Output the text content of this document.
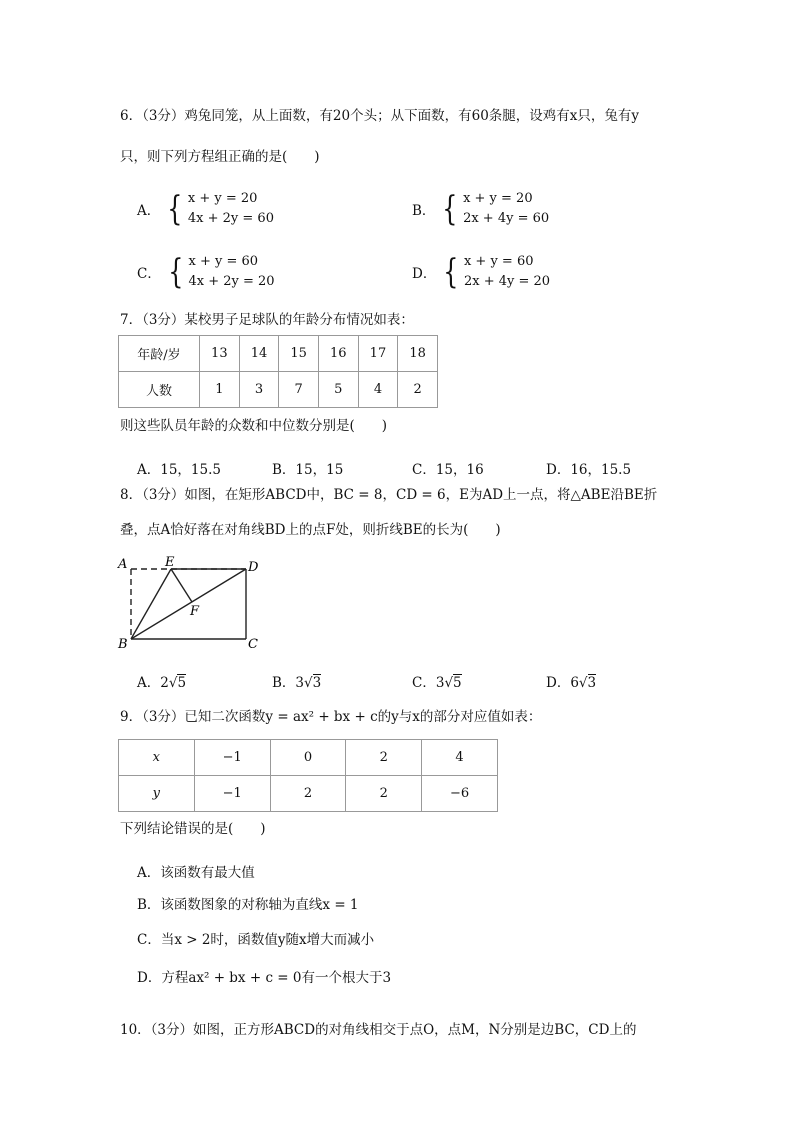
6．（3分）鸡兔同笼，从上面数，有20个头；从下面数，有60条腿，设鸡有x只，兔有y
只，则下列方程组正确的是(　　)
A． { x + y = 20
4x + 2y = 60	B． { x + y = 20
2x + 4y = 60
C． { x + y = 60
4x + 2y = 20	D． { x + y = 60
2x + 4y = 20
7．（3分）某校男子足球队的年龄分布情况如表：
年龄/岁	13	14	15	16	17	18
人数	1	3	7	5	4	2
则这些队员年龄的众数和中位数分别是(　　)
A．15，15.5	B．15，15	C．15，16	D．16，15.5
8．（3分）如图，在矩形ABCD中，BC = 8，CD = 6，E为AD上一点，将△ABE沿BE折
叠，点A恰好落在对角线BD上的点F处，则折线BE的长为(　　)
A	E	D
F
B	C
A．2√5	B．3√3	C．3√5	D．6√3
9．（3分）已知二次函数y = ax² + bx + c的y与x的部分对应值如表：
x	−1	0	2	4
y	−1	2	2	−6
下列结论错误的是(　　)
A．该函数有最大值
B．该函数图象的对称轴为直线x = 1
C．当x > 2时，函数值y随x增大而减小
D．方程ax² + bx + c = 0有一个根大于3
10．（3分）如图，正方形ABCD的对角线相交于点O，点M，N分别是边BC，CD上的
